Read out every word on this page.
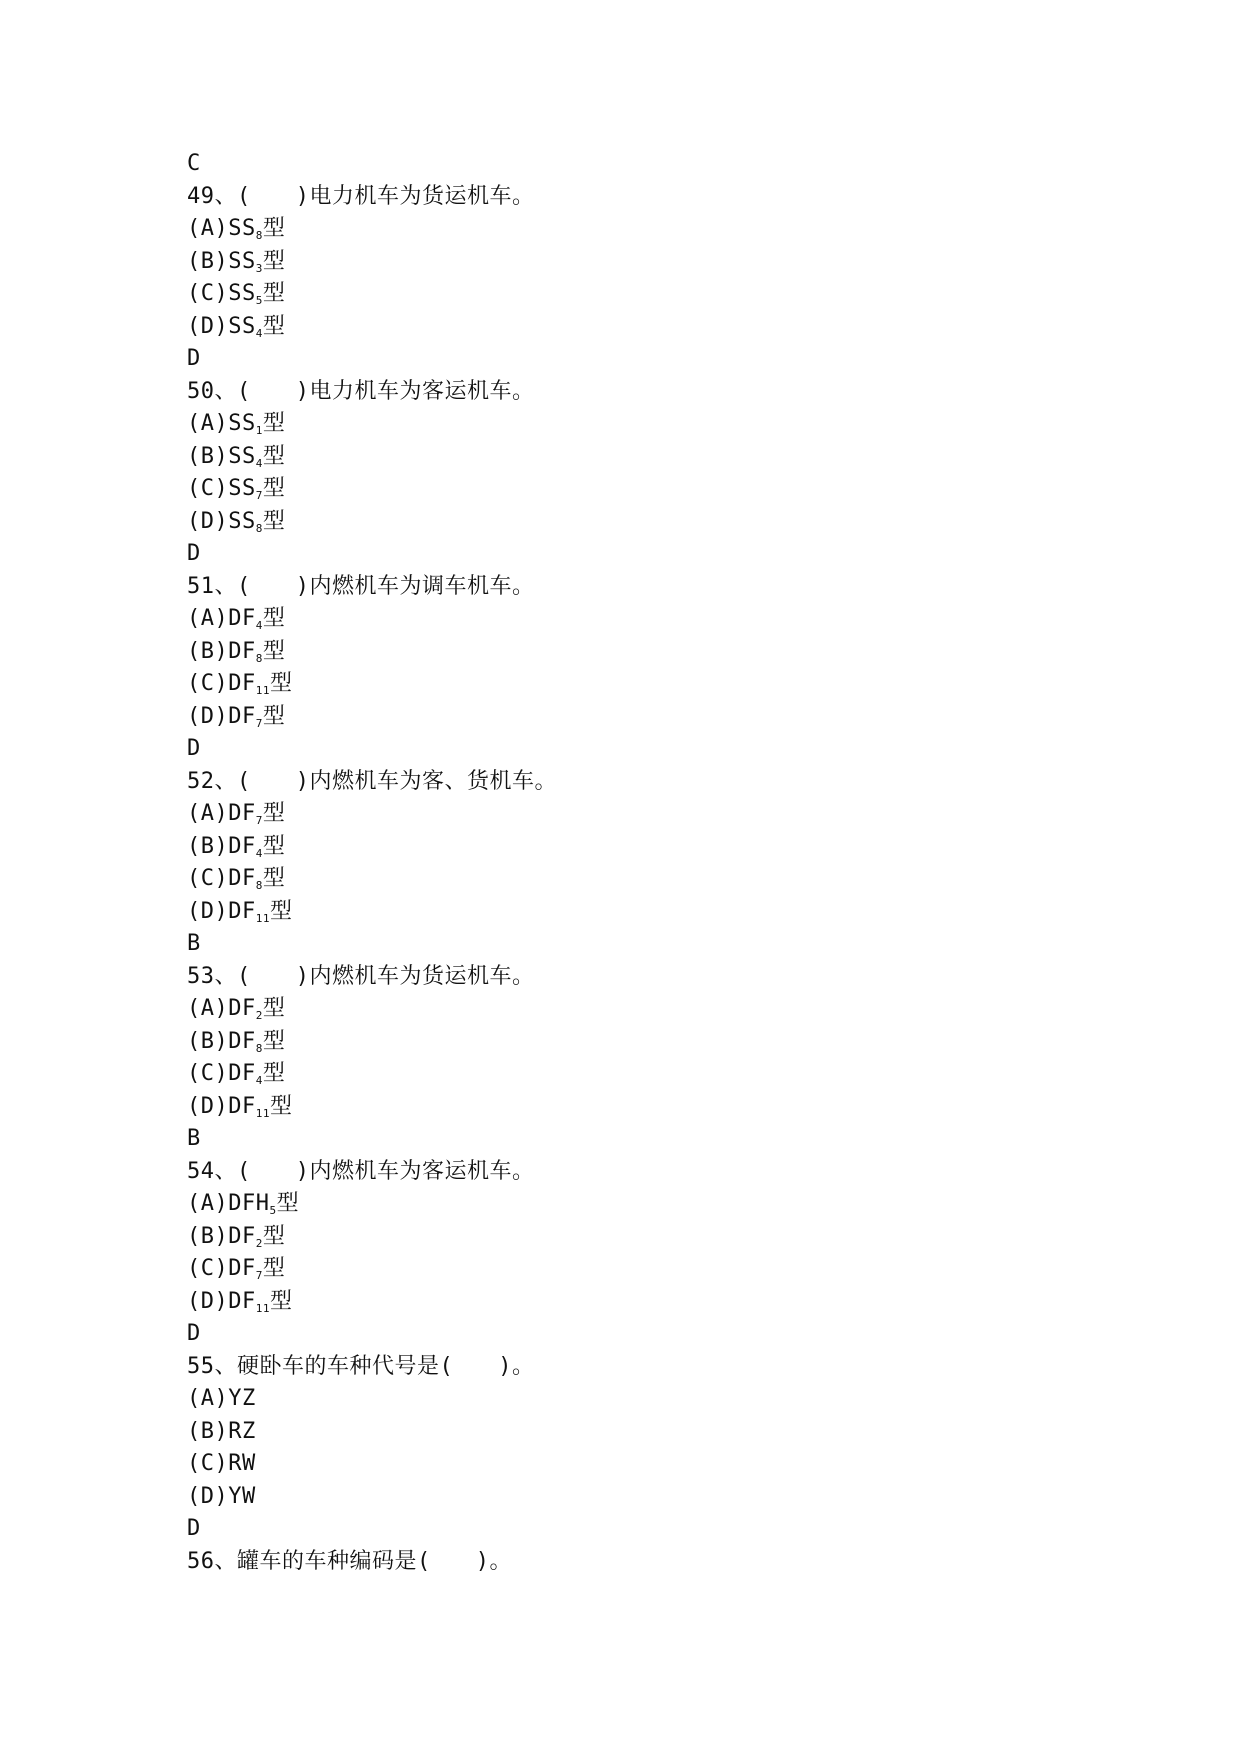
C
49、(　　)电力机车为货运机车。
$(A)SS_8$型
$(B)SS_3$型
$(C)SS_5$型
$(D)SS_4$型
D
50、(　　)电力机车为客运机车。
$(A)SS_1$型
$(B)SS_4$型
$(C)SS_7$型
$(D)SS_8$型
D
51、(　　)内燃机车为调车机车。
$(A)DF_4$型
$(B)DF_8$型
$(C)DF_{11}$型
$(D)DF_7$型
D
52、(　　)内燃机车为客、货机车。
$(A)DF_7$型
$(B)DF_4$型
$(C)DF_8$型
$(D)DF_{11}$型
B
53、(　　)内燃机车为货运机车。
$(A)DF_2$型
$(B)DF_8$型
$(C)DF_4$型
$(D)DF_{11}$型
B
54、(　　)内燃机车为客运机车。
$(A)DFH_5$型
$(B)DF_2$型
$(C)DF_7$型
$(D)DF_{11}$型
D
55、硬卧车的车种代号是(　　)。
(A)YZ
(B)RZ
(C)RW
(D)YW
D
56、罐车的车种编码是(　　)。
